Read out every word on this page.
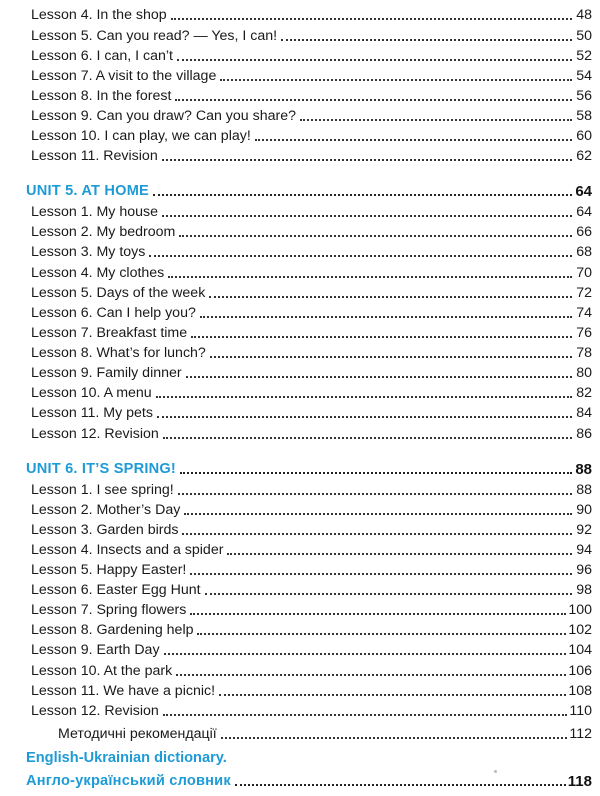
Lesson 4. In the shop	48
Lesson 5. Can you read? — Yes, I can!	50
Lesson 6. I can, I can’t	52
Lesson 7. A visit to the village	54
Lesson 8. In the forest	56
Lesson 9. Can you draw? Can you share?	58
Lesson 10. I can play, we can play!	60
Lesson 11. Revision	62
UNIT 5. AT HOME	64
Lesson 1. My house	64
Lesson 2. My bedroom	66
Lesson 3. My toys	68
Lesson 4. My clothes	70
Lesson 5. Days of the week	72
Lesson 6. Can I help you?	74
Lesson 7. Breakfast time	76
Lesson 8. What’s for lunch?	78
Lesson 9. Family dinner	80
Lesson 10. A menu	82
Lesson 11. My pets	84
Lesson 12. Revision	86
UNIT 6. IT’S SPRING!	88
Lesson 1. I see spring!	88
Lesson 2. Mother’s Day	90
Lesson 3. Garden birds	92
Lesson 4. Insects and a spider	94
Lesson 5. Happy Easter!	96
Lesson 6. Easter Egg Hunt	98
Lesson 7. Spring flowers	100
Lesson 8. Gardening help	102
Lesson 9. Earth Day	104
Lesson 10. At the park	106
Lesson 11. We have a picnic!	108
Lesson 12. Revision	110
Методичні рекомендації	112
English-Ukrainian dictionary.
Англо-український словник	118
